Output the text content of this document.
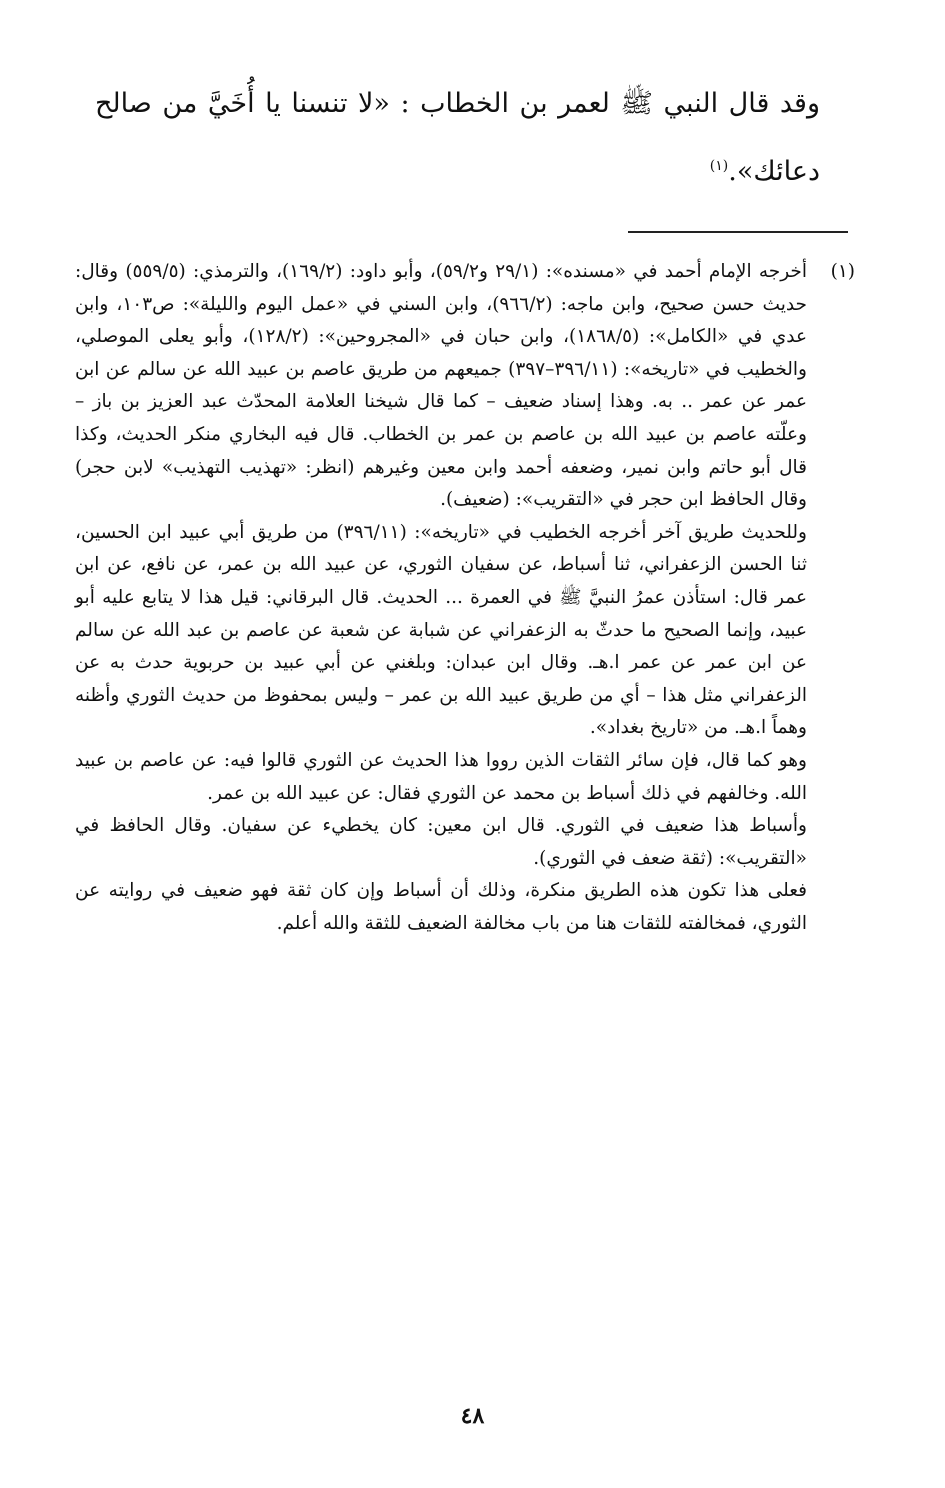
وقد قال النبي ﷺ لعمر بن الخطاب : «لا تنسنا يا أُخَيَّ من صالح دعائك».$^{(١)}$

(١)
أخرجه الإمام أحمد في «مسنده»: (٢٩/١ و٥٩/٢)، وأبو داود: (١٦٩/٢)، والترمذي: (٥٥٩/٥) وقال: حديث حسن صحيح، وابن ماجه: (٩٦٦/٢)، وابن السني في «عمل اليوم والليلة»: ص١٠٣، وابن عدي في «الكامل»: (١٨٦٨/٥)، وابن حبان في «المجروحين»: (١٢٨/٢)، وأبو يعلى الموصلي، والخطيب في «تاريخه»: (٣٩٦/١١–٣٩٧) جميعهم من طريق عاصم بن عبيد الله عن سالم عن ابن عمر عن عمر .. به. وهذا إسناد ضعيف – كما قال شيخنا العلامة المحدّث عبد العزيز بن باز – وعلّته عاصم بن عبيد الله بن عاصم بن عمر بن الخطاب. قال فيه البخاري منكر الحديث، وكذا قال أبو حاتم وابن نمير، وضعفه أحمد وابن معين وغيرهم (انظر: «تهذيب التهذيب» لابن حجر) وقال الحافظ ابن حجر في «التقريب»: (ضعيف).

وللحديث طريق آخر أخرجه الخطيب في «تاريخه»: (٣٩٦/١١) من طريق أبي عبيد ابن الحسين، ثنا الحسن الزعفراني، ثنا أسباط، عن سفيان الثوري، عن عبيد الله بن عمر، عن نافع، عن ابن عمر قال: استأذن عمرُ النبيَّ ﷺ في العمرة ... الحديث. قال البرقاني: قيل هذا لا يتابع عليه أبو عبيد، وإنما الصحيح ما حدثّ به الزعفراني عن شبابة عن شعبة عن عاصم بن عبد الله عن سالم عن ابن عمر عن عمر ا.هـ. وقال ابن عبدان: وبلغني عن أبي عبيد بن حربوية حدث به عن الزعفراني مثل هذا – أي من طريق عبيد الله بن عمر – وليس بمحفوظ من حديث الثوري وأظنه وهماً ا.هـ. من «تاريخ بغداد».

وهو كما قال، فإن سائر الثقات الذين رووا هذا الحديث عن الثوري قالوا فيه: عن عاصم بن عبيد الله. وخالفهم في ذلك أسباط بن محمد عن الثوري فقال: عن عبيد الله بن عمر.

وأسباط هذا ضعيف في الثوري. قال ابن معين: كان يخطيء عن سفيان. وقال الحافظ في «التقريب»: (ثقة ضعف في الثوري).

فعلى هذا تكون هذه الطريق منكرة، وذلك أن أسباط وإن كان ثقة فهو ضعيف في روايته عن الثوري، فمخالفته للثقات هنا من باب مخالفة الضعيف للثقة والله أعلم.

٤٨
